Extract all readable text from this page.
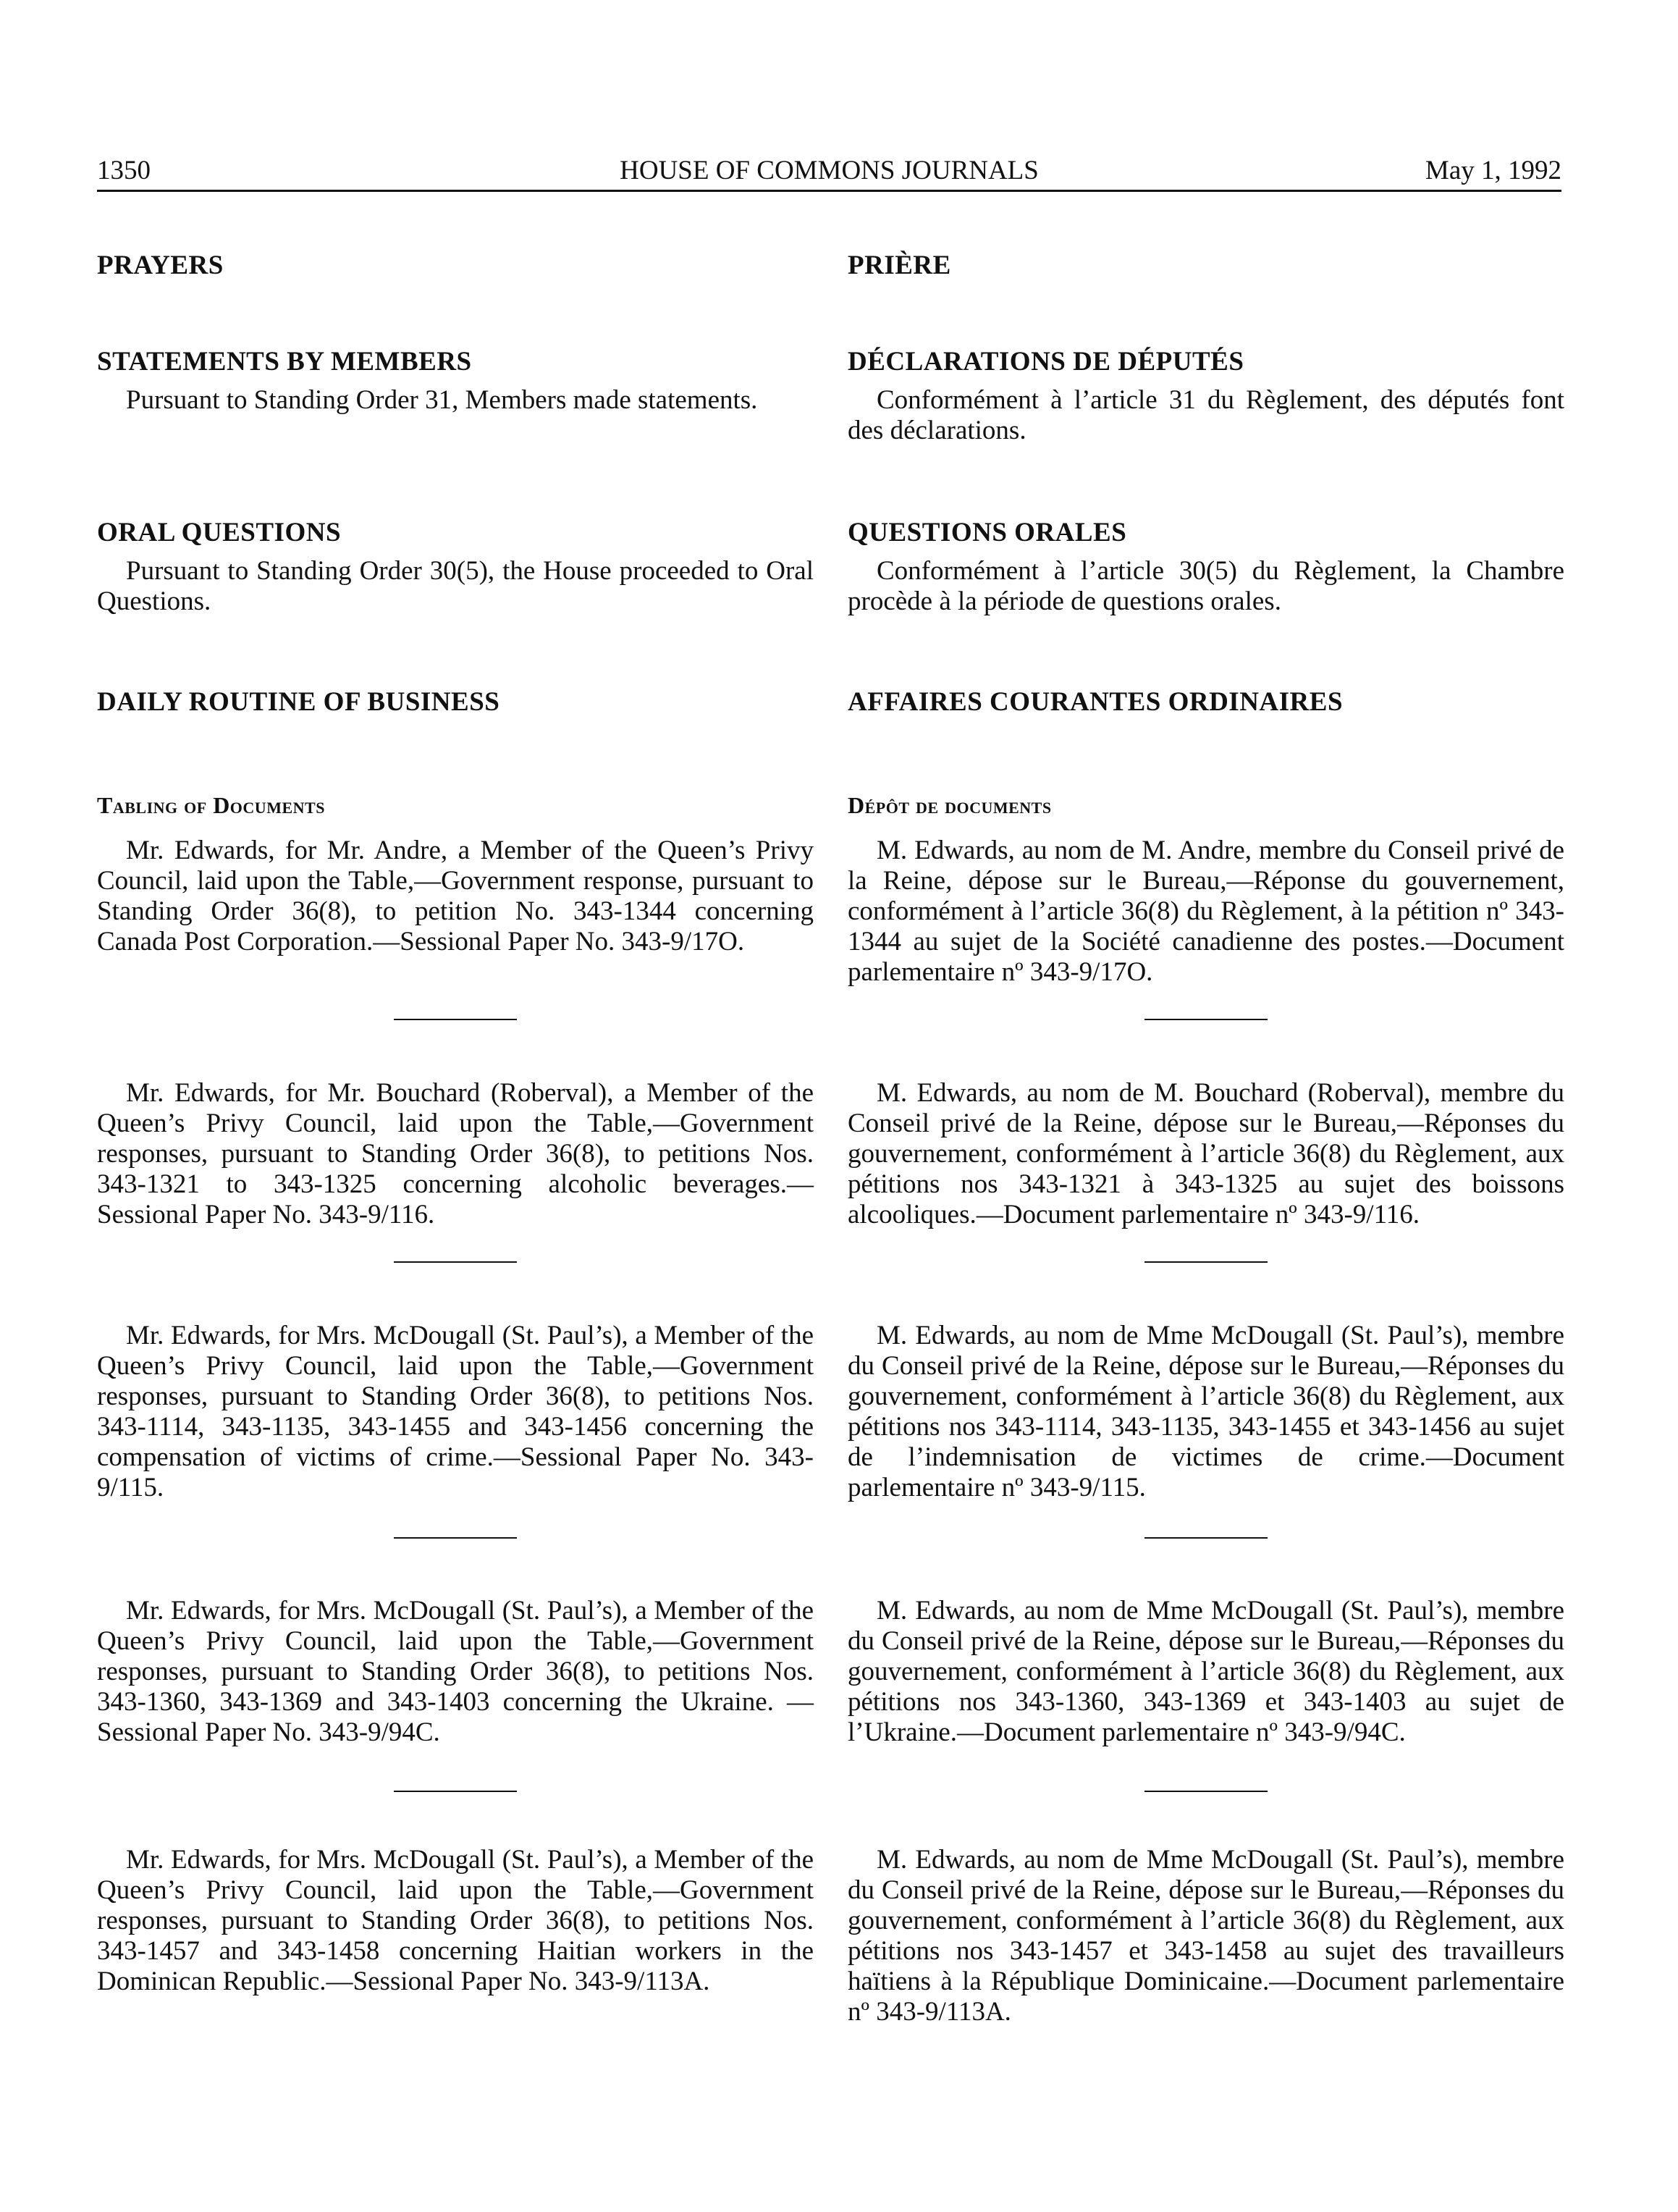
1350	HOUSE OF COMMONS JOURNALS	May 1, 1992
PRAYERS
STATEMENTS BY MEMBERS

Pursuant to Standing Order 31, Members made statements.

ORAL QUESTIONS

Pursuant to Standing Order 30(5), the House proceeded to Oral Questions.

DAILY ROUTINE OF BUSINESS
Tabling of Documents

Mr. Edwards, for Mr. Andre, a Member of the Queen’s Privy Council, laid upon the Table,—Government response, pursuant to Standing Order 36(8), to petition No. 343-1344 concerning Canada Post Corporation.—Sessional Paper No. 343-9/17O.

Mr. Edwards, for Mr. Bouchard (Roberval), a Member of the Queen’s Privy Council, laid upon the Table,—Government responses, pursuant to Standing Order 36(8), to petitions Nos. 343-1321 to 343-1325 concerning alcoholic beverages.—Sessional Paper No. 343-9/116.

Mr. Edwards, for Mrs. McDougall (St. Paul’s), a Member of the Queen’s Privy Council, laid upon the Table,—Government responses, pursuant to Standing Order 36(8), to petitions Nos. 343-1114, 343-1135, 343-1455 and 343-1456 concerning the compensation of victims of crime.—Sessional Paper No. 343-9/115.

Mr. Edwards, for Mrs. McDougall (St. Paul’s), a Member of the Queen’s Privy Council, laid upon the Table,—Government responses, pursuant to Standing Order 36(8), to petitions Nos. 343-1360, 343-1369 and 343-1403 concerning the Ukraine. —Sessional Paper No. 343-9/94C.

Mr. Edwards, for Mrs. McDougall (St. Paul’s), a Member of the Queen’s Privy Council, laid upon the Table,—Government responses, pursuant to Standing Order 36(8), to petitions Nos. 343-1457 and 343-1458 concerning Haitian workers in the Dominican Republic.—Sessional Paper No. 343-9/113A.

PRIÈRE
DÉCLARATIONS DE DÉPUTÉS

Conformément à l’article 31 du Règlement, des députés font des déclarations.

QUESTIONS ORALES

Conformément à l’article 30(5) du Règlement, la Chambre procède à la période de questions orales.

AFFAIRES COURANTES ORDINAIRES
Dépôt de documents

M. Edwards, au nom de M. Andre, membre du Conseil privé de la Reine, dépose sur le Bureau,—Réponse du gouvernement, conformément à l’article 36(8) du Règlement, à la pétition nº 343-1344 au sujet de la Société canadienne des postes.—Document parlementaire nº 343-9/17O.

M. Edwards, au nom de M. Bouchard (Roberval), membre du Conseil privé de la Reine, dépose sur le Bureau,—Réponses du gouvernement, conformément à l’article 36(8) du Règlement, aux pétitions nos 343-1321 à 343-1325 au sujet des boissons alcooliques.—Document parlementaire nº 343-9/116.

M. Edwards, au nom de Mme McDougall (St. Paul’s), membre du Conseil privé de la Reine, dépose sur le Bureau,—Réponses du gouvernement, conformément à l’article 36(8) du Règlement, aux pétitions nos 343-1114, 343-1135, 343-1455 et 343-1456 au sujet de l’indemnisation de victimes de crime.—Document parlementaire nº 343-9/115.

M. Edwards, au nom de Mme McDougall (St. Paul’s), membre du Conseil privé de la Reine, dépose sur le Bureau,—Réponses du gouvernement, conformément à l’article 36(8) du Règlement, aux pétitions nos 343-1360, 343-1369 et 343-1403 au sujet de l’Ukraine.—Document parlementaire nº 343-9/94C.

M. Edwards, au nom de Mme McDougall (St. Paul’s), membre du Conseil privé de la Reine, dépose sur le Bureau,—Réponses du gouvernement, conformément à l’article 36(8) du Règlement, aux pétitions nos 343-1457 et 343-1458 au sujet des travailleurs haïtiens à la République Dominicaine.—Document parlementaire nº 343-9/113A.
